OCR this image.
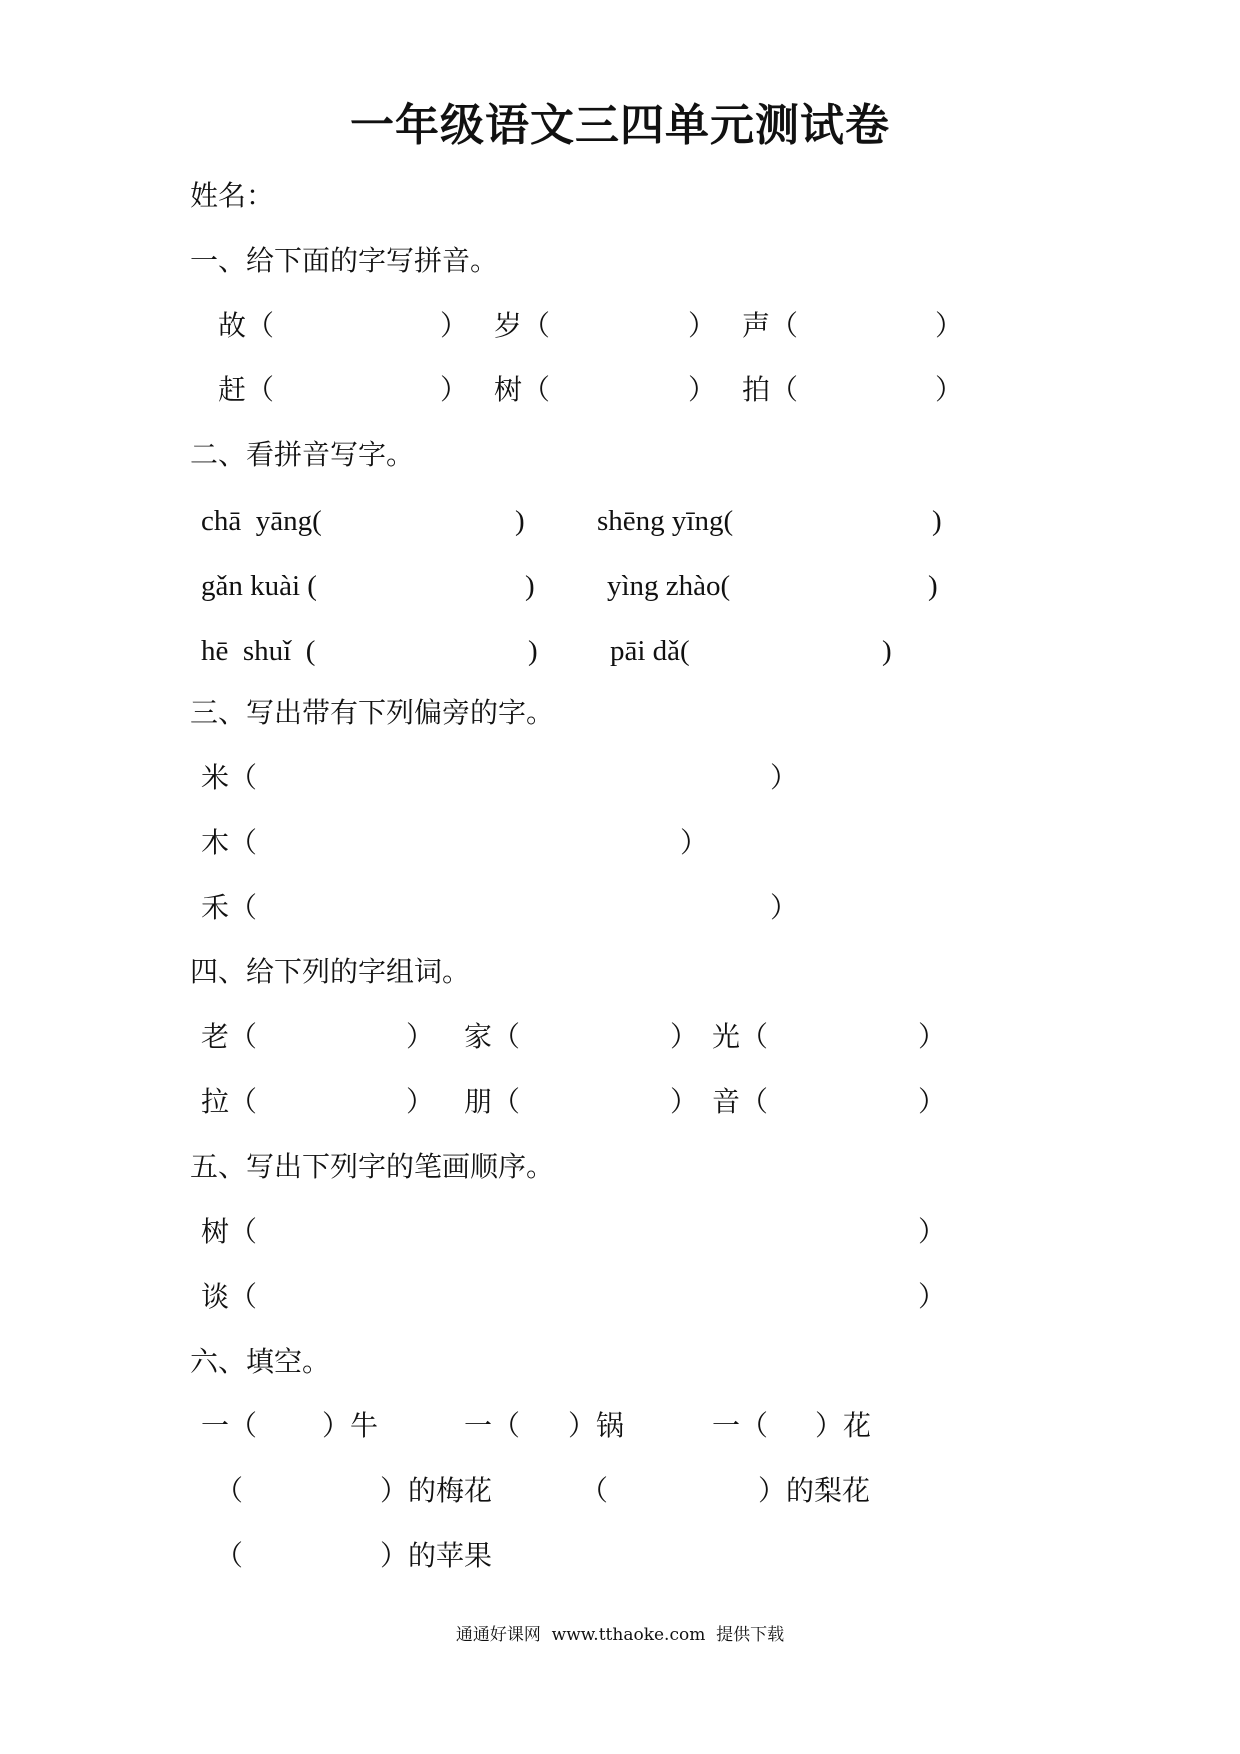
一年级语文三四单元测试卷
姓名：
一、给下面的字写拼音。
故（	） 岁（	） 声（	）
赶（	） 树（	） 拍（	）
二、看拼音写字。
chā  yāng(	) shēng yīng(	)
gǎn kuài (	) yìng zhào(	)
hē  shuǐ  (	) pāi dǎ(	)
三、写出带有下列偏旁的字。
米（	）
木（	）
禾（	）
四、给下列的字组词。
老（	） 家（	） 光（	）
拉（	） 朋（	） 音（	）
五、写出下列字的笔画顺序。
树（	）
谈（	）
六、填空。
一（ ）牛	一（ ）锅	一（ ）花
（	）的梅花	（	）的梨花
（	）的苹果
通通好课网  www.tthaoke.com  提供下载
